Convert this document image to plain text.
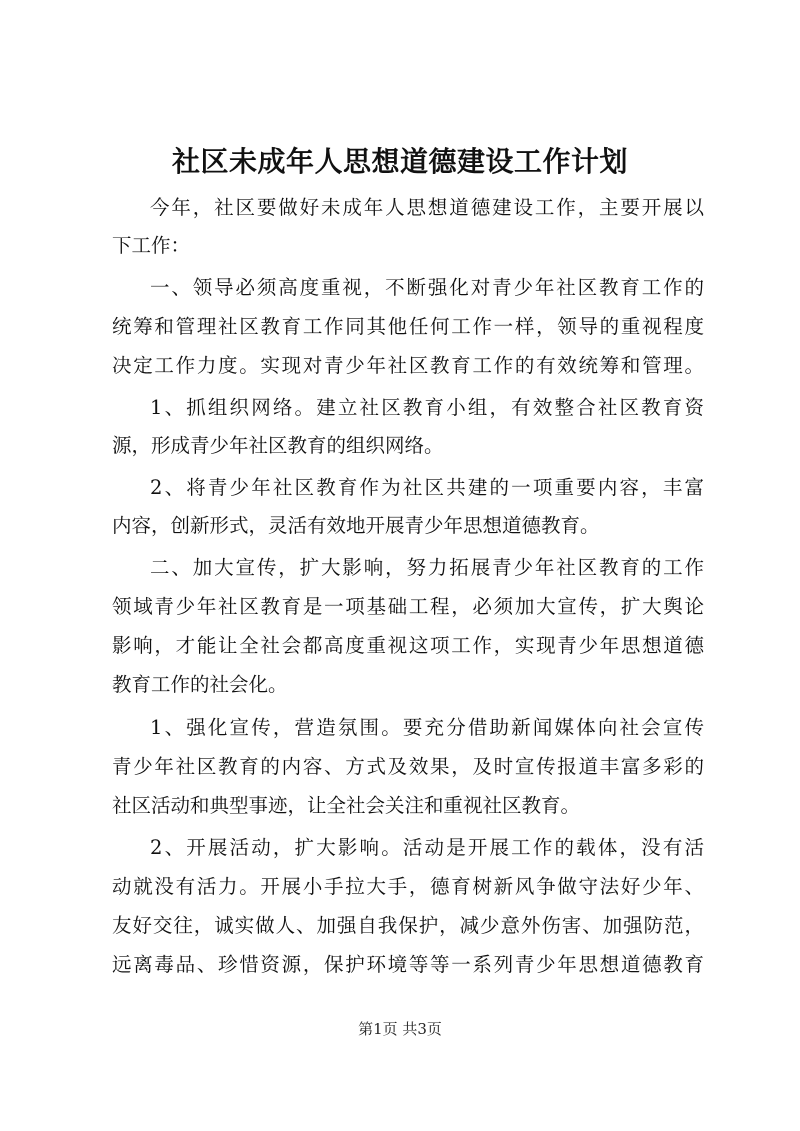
社区未成年人思想道德建设工作计划
今年，社区要做好未成年人思想道德建设工作，主要开展以
下工作：
一、领导必须高度重视，不断强化对青少年社区教育工作的
统筹和管理社区教育工作同其他任何工作一样，领导的重视程度
决定工作力度。实现对青少年社区教育工作的有效统筹和管理。
1、抓组织网络。建立社区教育小组，有效整合社区教育资
源，形成青少年社区教育的组织网络。
2、将青少年社区教育作为社区共建的一项重要内容，丰富
内容，创新形式，灵活有效地开展青少年思想道德教育。
二、加大宣传，扩大影响，努力拓展青少年社区教育的工作
领域青少年社区教育是一项基础工程，必须加大宣传，扩大舆论
影响，才能让全社会都高度重视这项工作，实现青少年思想道德
教育工作的社会化。
1、强化宣传，营造氛围。要充分借助新闻媒体向社会宣传
青少年社区教育的内容、方式及效果，及时宣传报道丰富多彩的
社区活动和典型事迹，让全社会关注和重视社区教育。
2、开展活动，扩大影响。活动是开展工作的载体，没有活
动就没有活力。开展小手拉大手，德育树新风争做守法好少年、
友好交往，诚实做人、加强自我保护，减少意外伤害、加强防范，
远离毒品、珍惜资源，保护环境等等一系列青少年思想道德教育
第1页 共3页
